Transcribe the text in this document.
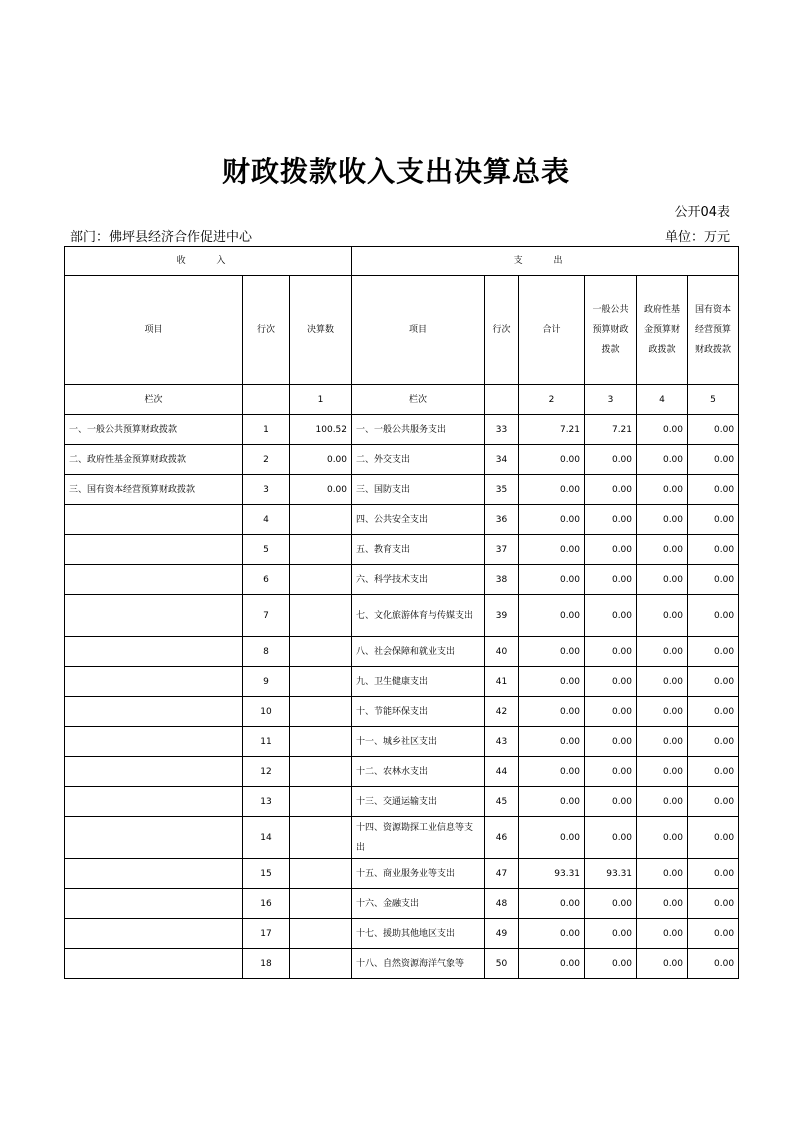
财政拨款收入支出决算总表
公开04表
部门：佛坪县经济合作促进中心	单位：万元
收 入			支 出					
项目	行次	决算数	项目	行次	合计	一般公共预算财政拨款	政府性基金预算财政拨款	国有资本经营预算财政拨款
栏次		1	栏次		2	3	4	5
一、一般公共预算财政拨款	1	100.52	一、一般公共服务支出	33	7.21	7.21	0.00	0.00
二、政府性基金预算财政拨款	2	0.00	二、外交支出	34	0.00	0.00	0.00	0.00
三、国有资本经营预算财政拨款	3	0.00	三、国防支出	35	0.00	0.00	0.00	0.00
	4		四、公共安全支出	36	0.00	0.00	0.00	0.00
	5		五、教育支出	37	0.00	0.00	0.00	0.00
	6		六、科学技术支出	38	0.00	0.00	0.00	0.00
	7		七、文化旅游体育与传媒支出	39	0.00	0.00	0.00	0.00
	8		八、社会保障和就业支出	40	0.00	0.00	0.00	0.00
	9		九、卫生健康支出	41	0.00	0.00	0.00	0.00
	10		十、节能环保支出	42	0.00	0.00	0.00	0.00
	11		十一、城乡社区支出	43	0.00	0.00	0.00	0.00
	12		十二、农林水支出	44	0.00	0.00	0.00	0.00
	13		十三、交通运输支出	45	0.00	0.00	0.00	0.00
	14		十四、资源勘探工业信息等支出	46	0.00	0.00	0.00	0.00
	15		十五、商业服务业等支出	47	93.31	93.31	0.00	0.00
	16		十六、金融支出	48	0.00	0.00	0.00	0.00
	17		十七、援助其他地区支出	49	0.00	0.00	0.00	0.00
	18		十八、自然资源海洋气象等	50	0.00	0.00	0.00	0.00
